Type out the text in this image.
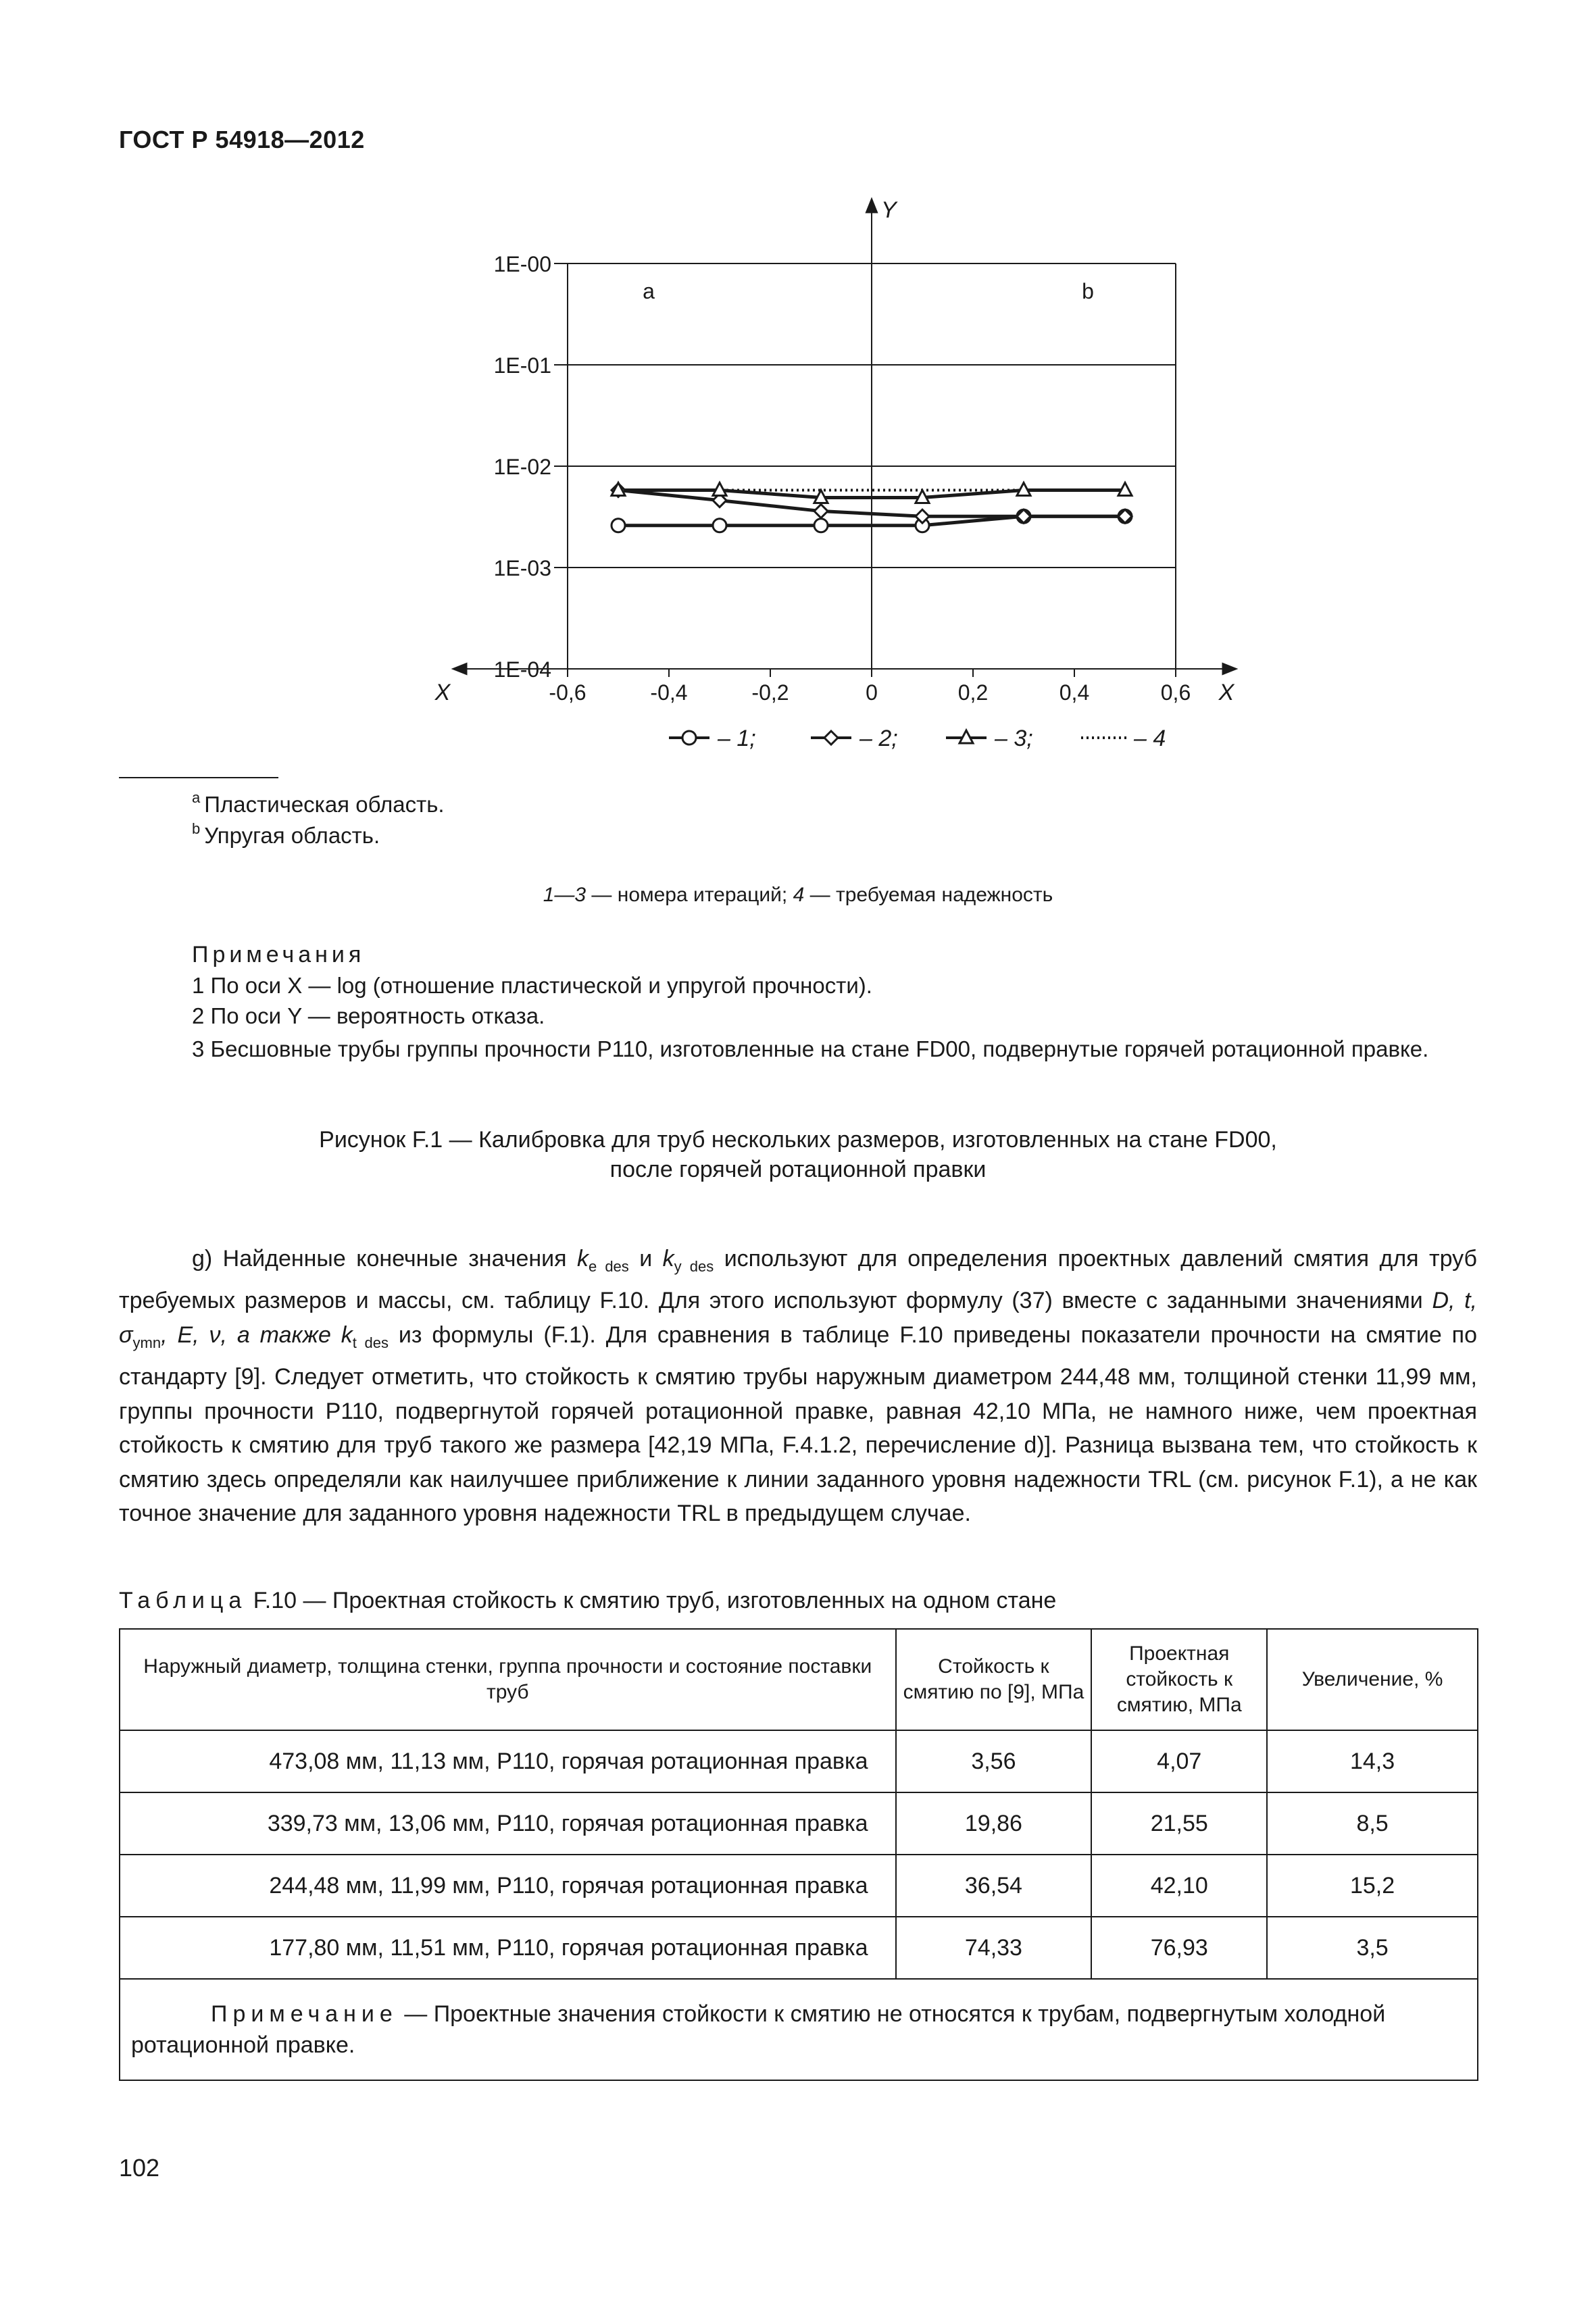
ГОСТ Р 54918—2012
1E-00
1E-01
1E-02
1E-03
1E-04
Y
-0,6	-0,4	-0,2	0	0,2	0,4	0,6
X	X
a	b
– 1;	– 2;	– 3;	– 4
$^a$ Пластическая область.
$^b$ Упругая область.
1—3 — номера итераций; 4 — требуемая надежность
Примечания
1 По оси X — log (отношение пластической и упругой прочности).
2 По оси Y — вероятность отказа.
3 Бесшовные трубы группы прочности Р110, изготовленные на стане FD00, подвернутые горячей ротационной правке.
Рисунок F.1 — Калибровка для труб нескольких размеров, изготовленных на стане FD00,
после горячей ротационной правки
g) Найденные конечные значения $k_{e des}$ и $k_{y des}$ используют для определения проектных давлений смятия для труб требуемых размеров и массы, см. таблицу F.10. Для этого используют формулу (37) вместе с заданными значениями D, t, $\sigma_{ymn}$, E, ν, а также $k_{t des}$ из формулы (F.1). Для сравнения в таблице F.10 приведены показатели прочности на смятие по стандарту [9]. Следует отметить, что стойкость к смятию трубы наружным диаметром 244,48 мм, толщиной стенки 11,99 мм, группы прочности Р110, подвергнутой горячей ротационной правке, равная 42,10 МПа, не намного ниже, чем проектная стойкость к смятию для труб такого же размера [42,19 МПа, F.4.1.2, перечисление d)]. Разница вызвана тем, что стойкость к смятию здесь определяли как наилучшее приближение к линии заданного уровня надежности TRL (см. рисунок F.1), а не как точное значение для заданного уровня надежности TRL в предыдущем случае.
Таблица F.10 — Проектная стойкость к смятию труб, изготовленных на одном стане
Наружный диаметр, толщина стенки, группа прочности и состояние поставки труб	Стойкость к смятию по [9], МПа	Проектная стойкость к смятию, МПа	Увеличение, %
473,08 мм, 11,13 мм, Р110, горячая ротационная правка	3,56	4,07	14,3
339,73 мм, 13,06 мм, Р110, горячая ротационная правка	19,86	21,55	8,5
244,48 мм, 11,99 мм, Р110, горячая ротационная правка	36,54	42,10	15,2
177,80 мм, 11,51 мм, Р110, горячая ротационная правка	74,33	76,93	3,5
Примечание — Проектные значения стойкости к смятию не относятся к трубам, подвергнутым холодной ротационной правке.			
102
